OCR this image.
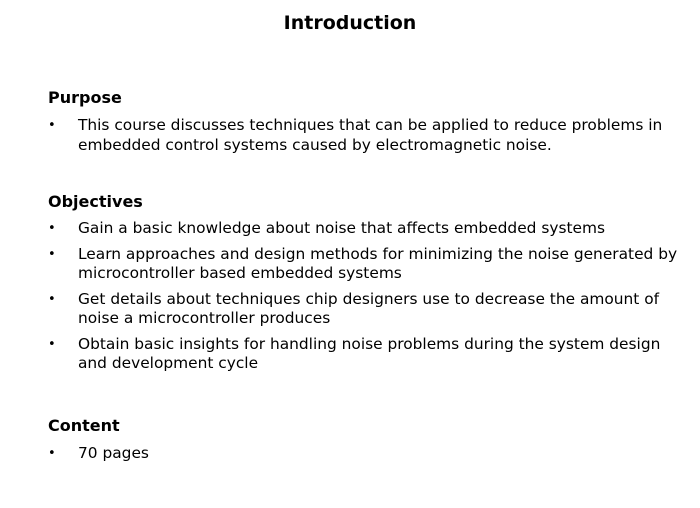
Introduction

Purpose

• This course discusses techniques that can be applied to reduce problems in embedded control systems caused by electromagnetic noise.

Objectives

• Gain a basic knowledge about noise that affects embedded systems
• Learn approaches and design methods for minimizing the noise generated by microcontroller based embedded systems
• Get details about techniques chip designers use to decrease the amount of noise a microcontroller produces
• Obtain basic insights for handling noise problems during the system design and development cycle

Content

• 70 pages
